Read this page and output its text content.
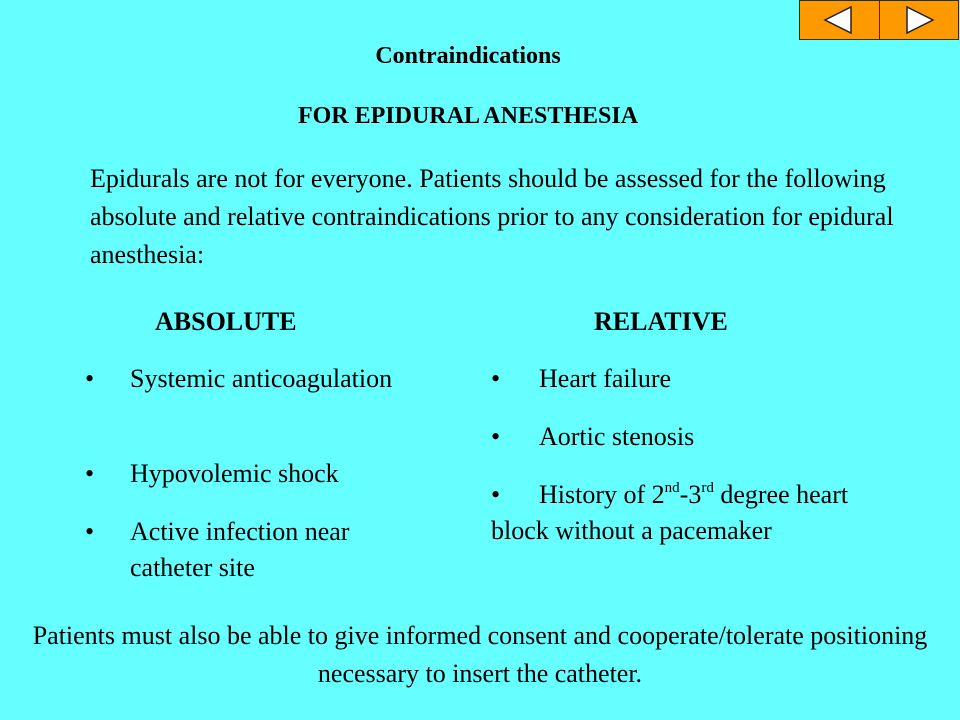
Contraindications
FOR EPIDURAL ANESTHESIA
Epidurals are not for everyone. Patients should be assessed for the following absolute and relative contraindications prior to any consideration for epidural anesthesia:
ABSOLUTE	RELATIVE
•	Systemic anticoagulation
•	Hypovolemic shock
•	Active infection near catheter site
• Heart failure
• Aortic stenosis
• History of 2nd-3rd degree heart block without a pacemaker
Patients must also be able to give informed consent and cooperate/tolerate positioning necessary to insert the catheter.
